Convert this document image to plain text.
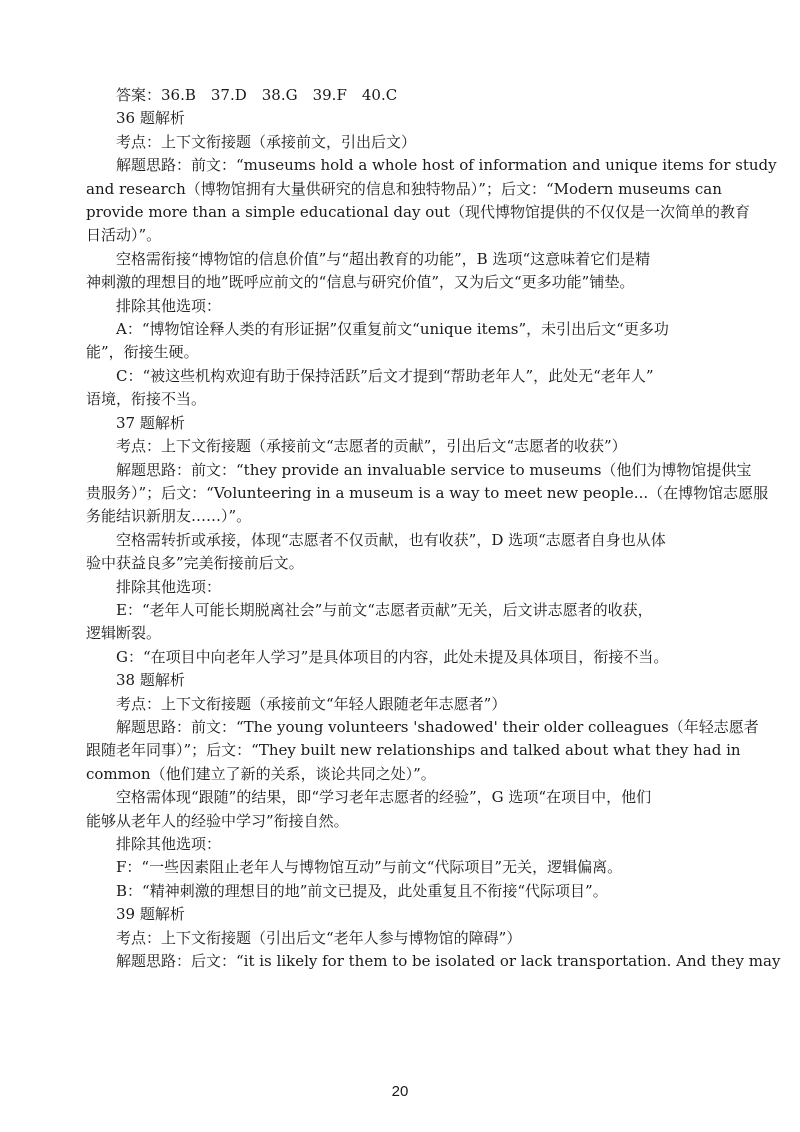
答案：36.B　37.D　38.G　39.F　40.C

36 题解析

考点：上下文衔接题（承接前文，引出后文）

解题思路：前文：“museums hold a whole host of information and unique items for study

and research（博物馆拥有大量供研究的信息和独特物品）”；后文：“Modern museums can

provide more than a simple educational day out（现代博物馆提供的不仅仅是一次简单的教育

日活动）”。

空格需衔接“博物馆的信息价值”与“超出教育的功能”，B 选项“这意味着它们是精

神刺激的理想目的地”既呼应前文的“信息与研究价值”，又为后文“更多功能”铺垫。

排除其他选项：

A：“博物馆诠释人类的有形证据”仅重复前文“unique items”，未引出后文“更多功

能”，衔接生硬。

C：“被这些机构欢迎有助于保持活跃”后文才提到“帮助老年人”，此处无“老年人”

语境，衔接不当。

37 题解析

考点：上下文衔接题（承接前文“志愿者的贡献”，引出后文“志愿者的收获”）

解题思路：前文：“they provide an invaluable service to museums（他们为博物馆提供宝

贵服务）”；后文：“Volunteering in a museum is a way to meet new people...（在博物馆志愿服

务能结识新朋友……）”。

空格需转折或承接，体现“志愿者不仅贡献，也有收获”，D 选项“志愿者自身也从体

验中获益良多”完美衔接前后文。

排除其他选项：

E：“老年人可能长期脱离社会”与前文“志愿者贡献”无关，后文讲志愿者的收获，

逻辑断裂。

G：“在项目中向老年人学习”是具体项目的内容，此处未提及具体项目，衔接不当。

38 题解析

考点：上下文衔接题（承接前文“年轻人跟随老年志愿者”）

解题思路：前文：“The young volunteers 'shadowed' their older colleagues（年轻志愿者

跟随老年同事）”；后文：“They built new relationships and talked about what they had in

common（他们建立了新的关系，谈论共同之处）”。

空格需体现“跟随”的结果，即“学习老年志愿者的经验”，G 选项“在项目中，他们

能够从老年人的经验中学习”衔接自然。

排除其他选项：

F：“一些因素阻止老年人与博物馆互动”与前文“代际项目”无关，逻辑偏离。

B：“精神刺激的理想目的地”前文已提及，此处重复且不衔接“代际项目”。

39 题解析

考点：上下文衔接题（引出后文“老年人参与博物馆的障碍”）

解题思路：后文：“it is likely for them to be isolated or lack transportation. And they may

20
